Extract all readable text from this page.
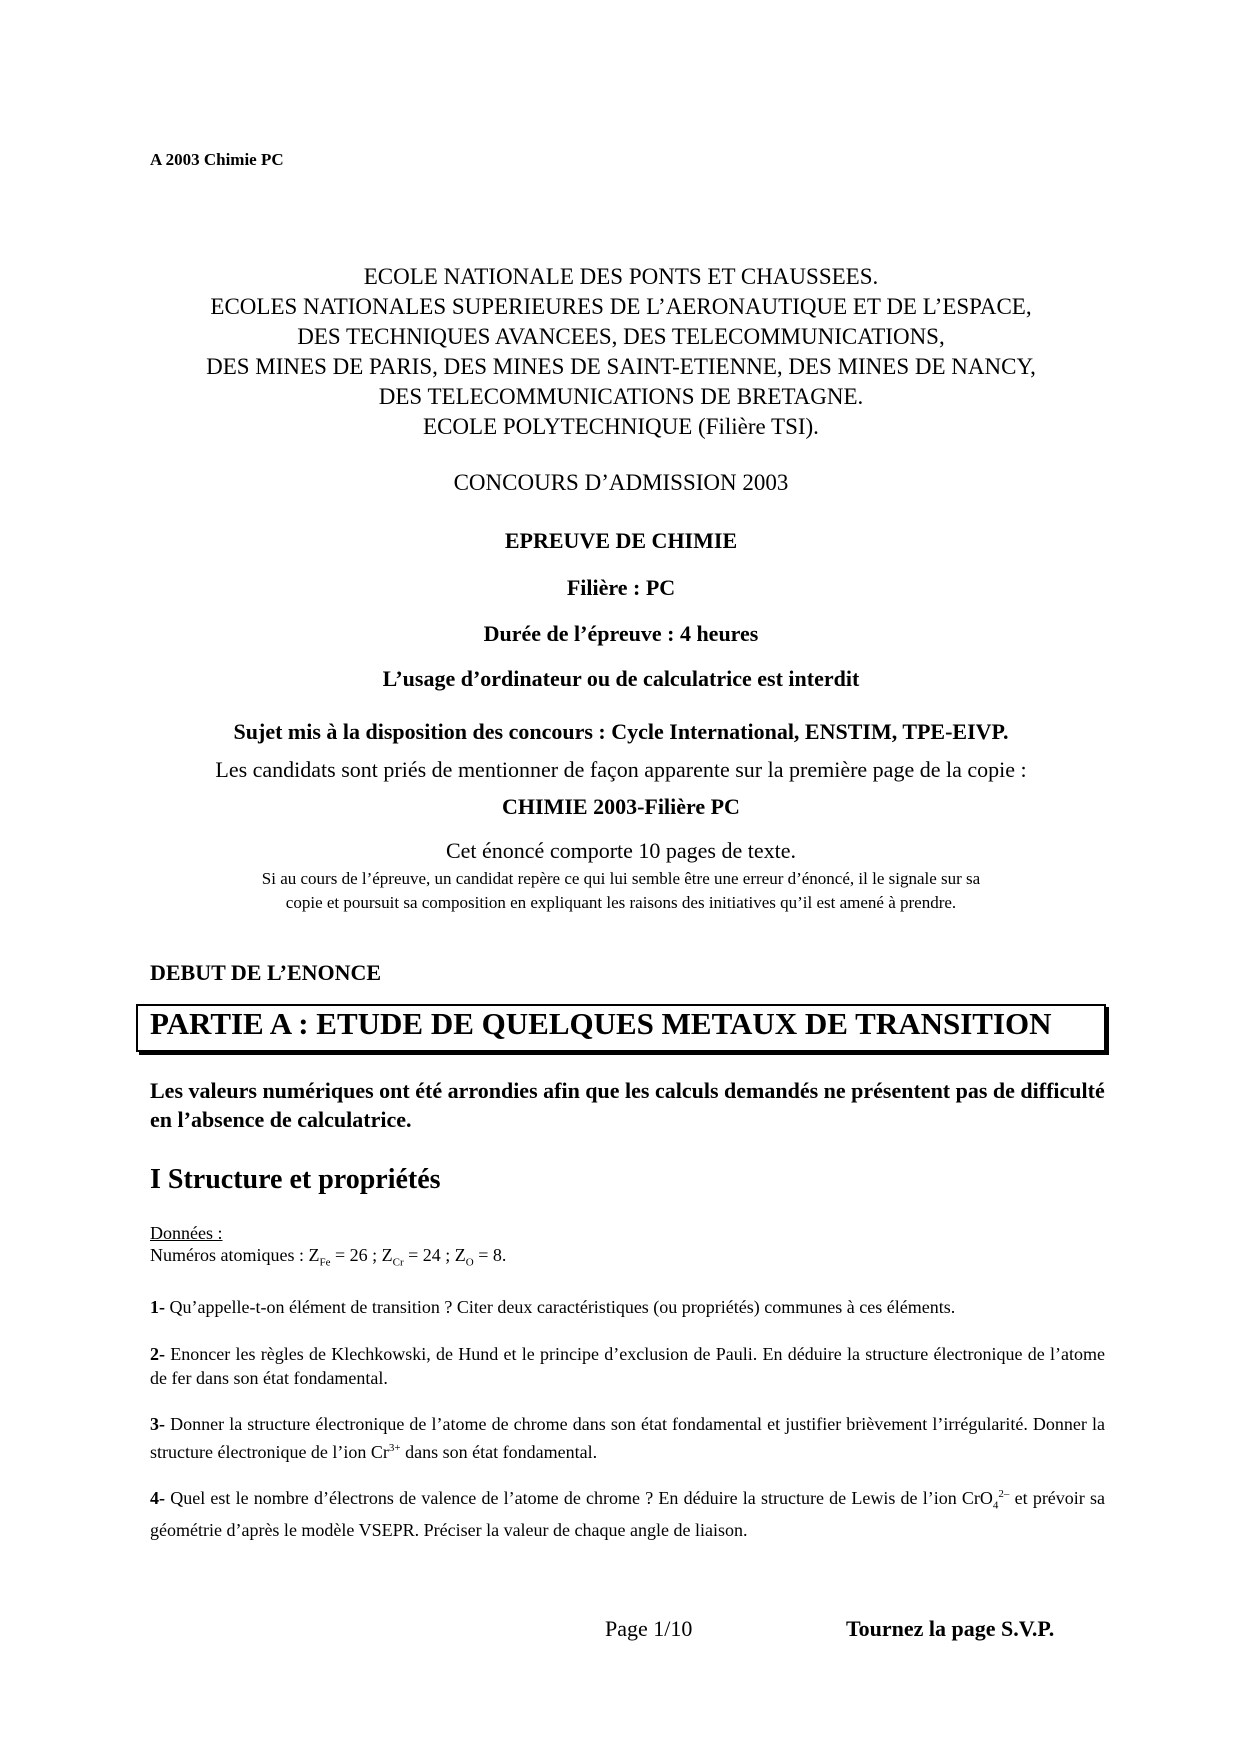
A 2003 Chimie PC
ECOLE NATIONALE DES PONTS ET CHAUSSEES.
ECOLES NATIONALES SUPERIEURES DE L’AERONAUTIQUE ET DE L’ESPACE,
DES TECHNIQUES AVANCEES, DES TELECOMMUNICATIONS,
DES MINES DE PARIS, DES MINES DE SAINT-ETIENNE, DES MINES DE NANCY,
DES TELECOMMUNICATIONS DE BRETAGNE.
ECOLE POLYTECHNIQUE (Filière TSI).
CONCOURS D’ADMISSION 2003
EPREUVE DE CHIMIE
Filière : PC
Durée de l’épreuve : 4 heures
L’usage d’ordinateur ou de calculatrice est interdit
Sujet mis à la disposition des concours : Cycle International, ENSTIM, TPE-EIVP.
Les candidats sont priés de mentionner de façon apparente sur la première page de la copie :
CHIMIE 2003-Filière PC
Cet énoncé comporte 10 pages de texte.
Si au cours de l’épreuve, un candidat repère ce qui lui semble être une erreur d’énoncé, il le signale sur sa
copie et poursuit sa composition en expliquant les raisons des initiatives qu’il est amené à prendre.
DEBUT DE L’ENONCE
PARTIE A : ETUDE DE QUELQUES METAUX DE TRANSITION
Les valeurs numériques ont été arrondies afin que les calculs demandés ne présentent pas de difficulté en l’absence de calculatrice.
I Structure et propriétés
Données :
Numéros atomiques : $Z_{Fe} = 26$ ; $Z_{Cr} = 24$ ; $Z_O = 8$.
1- Qu’appelle-t-on élément de transition ? Citer deux caractéristiques (ou propriétés) communes à ces éléments.
2- Enoncer les règles de Klechkowski, de Hund et le principe d’exclusion de Pauli. En déduire la structure électronique de l’atome de fer dans son état fondamental.
3- Donner la structure électronique de l’atome de chrome dans son état fondamental et justifier brièvement l’irrégularité. Donner la structure électronique de l’ion $Cr^{3+}$ dans son état fondamental.
4- Quel est le nombre d’électrons de valence de l’atome de chrome ? En déduire la structure de Lewis de l’ion CrO$_4^{2-}$ et prévoir sa géométrie d’après le modèle VSEPR. Préciser la valeur de chaque angle de liaison.
Page 1/10	Tournez la page S.V.P.
